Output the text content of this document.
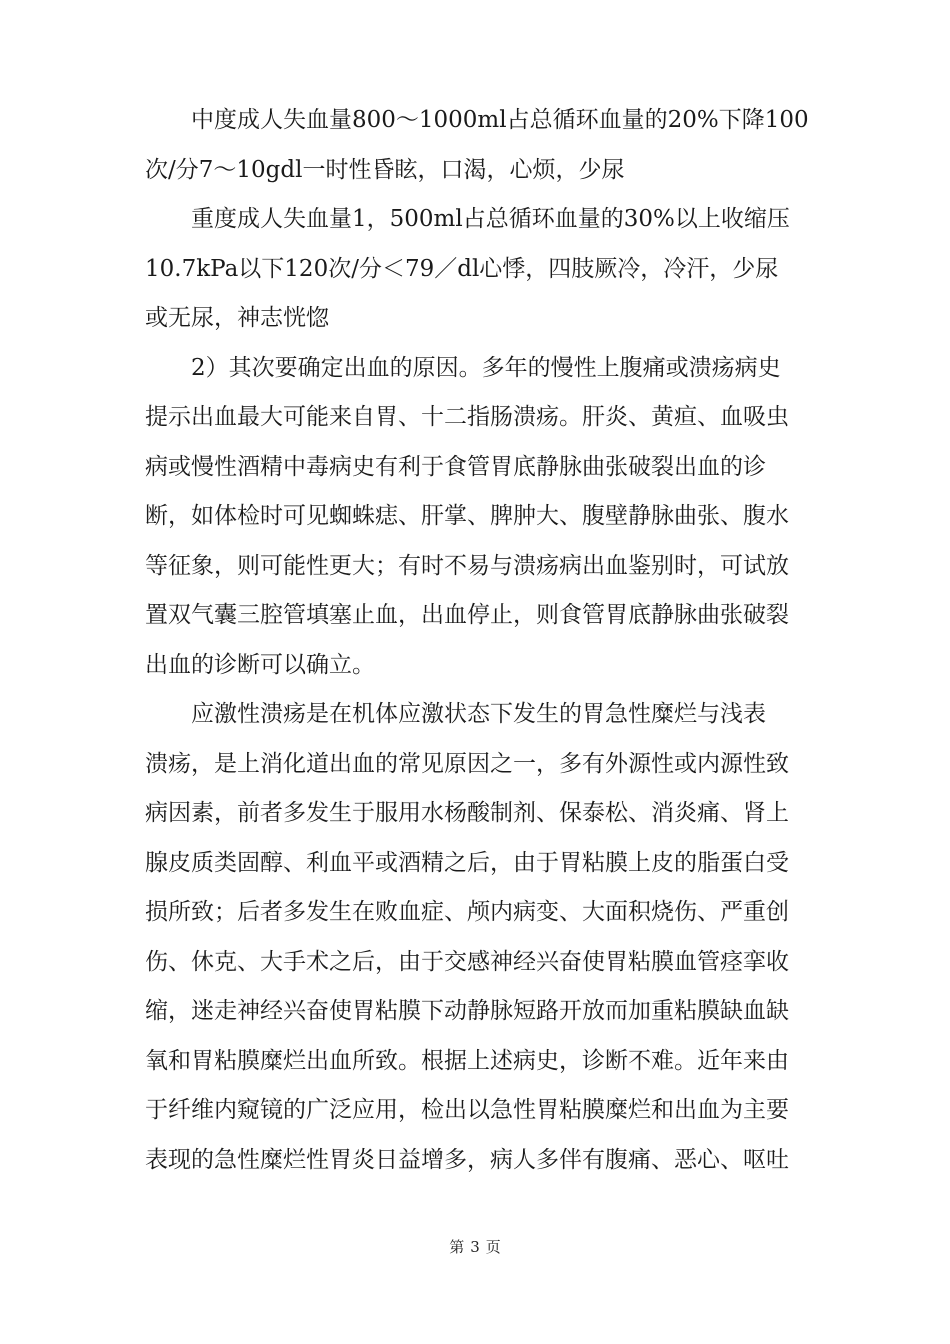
中度成人失血量800～1000ml占总循环血量的20%下降100
次/分7～10gdl一时性昏眩，口渴，心烦，少尿

重度成人失血量1，500ml占总循环血量的30%以上收缩压
10.7kPa以下120次/分＜79／dl心悸，四肢厥冷，冷汗，少尿
或无尿，神志恍惚

2）其次要确定出血的原因。多年的慢性上腹痛或溃疡病史
提示出血最大可能来自胃、十二指肠溃疡。肝炎、黄疸、血吸虫
病或慢性酒精中毒病史有利于食管胃底静脉曲张破裂出血的诊
断，如体检时可见蜘蛛痣、肝掌、脾肿大、腹壁静脉曲张、腹水
等征象，则可能性更大；有时不易与溃疡病出血鉴别时，可试放
置双气囊三腔管填塞止血，出血停止，则食管胃底静脉曲张破裂
出血的诊断可以确立。

应激性溃疡是在机体应激状态下发生的胃急性糜烂与浅表
溃疡，是上消化道出血的常见原因之一，多有外源性或内源性致
病因素，前者多发生于服用水杨酸制剂、保泰松、消炎痛、肾上
腺皮质类固醇、利血平或酒精之后，由于胃粘膜上皮的脂蛋白受
损所致；后者多发生在败血症、颅内病变、大面积烧伤、严重创
伤、休克、大手术之后，由于交感神经兴奋使胃粘膜血管痉挛收
缩，迷走神经兴奋使胃粘膜下动静脉短路开放而加重粘膜缺血缺
氧和胃粘膜糜烂出血所致。根据上述病史，诊断不难。近年来由
于纤维内窥镜的广泛应用，检出以急性胃粘膜糜烂和出血为主要
表现的急性糜烂性胃炎日益增多，病人多伴有腹痛、恶心、呕吐

第 3 页
